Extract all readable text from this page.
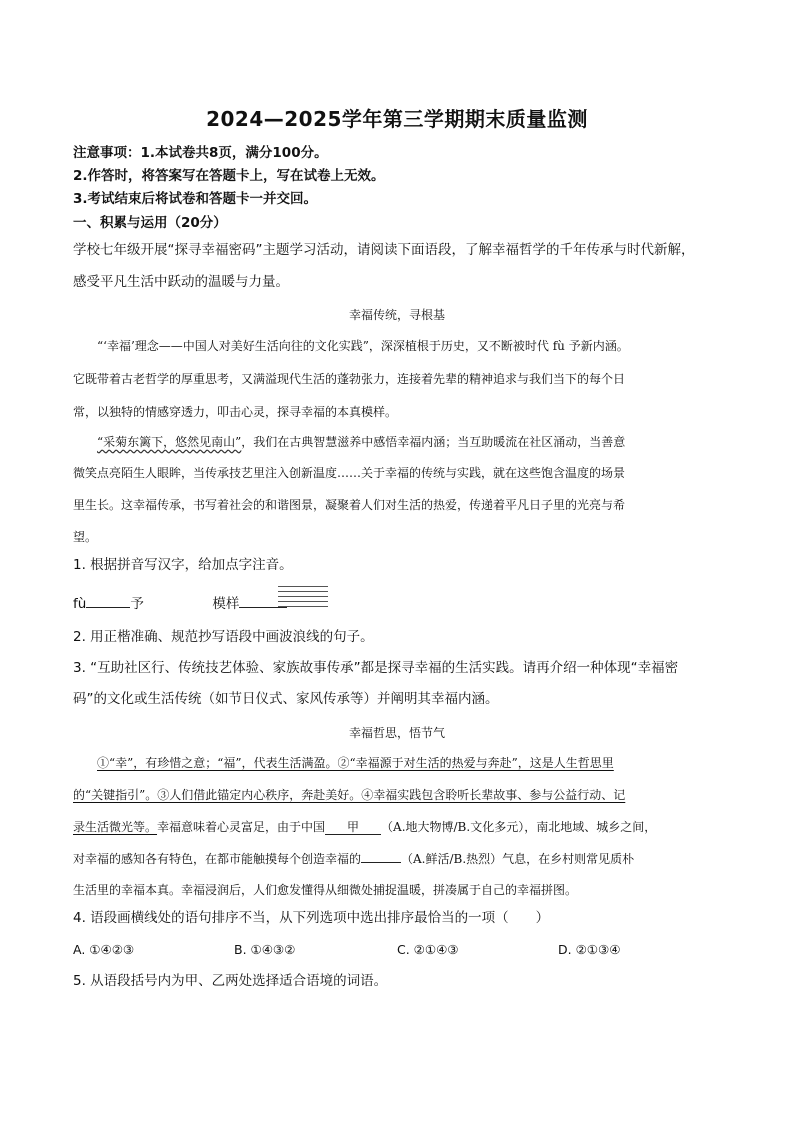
2024—2025学年第三学期期末质量监测
注意事项：1.本试卷共8页，满分100分。
2.作答时，将答案写在答题卡上，写在试卷上无效。
3.考试结束后将试卷和答题卡一并交回。
一、积累与运用（20分）
学校七年级开展“探寻幸福密码”主题学习活动，请阅读下面语段，了解幸福哲学的千年传承与时代新解，
感受平凡生活中跃动的温暖与力量。
幸福传统，寻根基
“‘幸福’理念——中国人对美好生活向往的文化实践”，深深植根于历史，又不断被时代 fù 予新内涵。
它既带着古老哲学的厚重思考，又满溢现代生活的蓬勃张力，连接着先辈的精神追求与我们当下的每个日
常，以独特的情感穿透力，叩击心灵，探寻幸福的本真模样。
“采菊东篱下，悠然见南山”，我们在古典智慧滋养中感悟幸福内涵；当互助暖流在社区涌动，当善意
微笑点亮陌生人眼眸，当传承技艺里注入创新温度……关于幸福的传统与实践，就在这些饱含温度的场景
里生长。这幸福传承，书写着社会的和谐图景，凝聚着人们对生活的热爱，传递着平凡日子里的光亮与希
望。
1. 根据拼音写汉字，给加点字注音。
fù	予	模样
2. 用正楷准确、规范抄写语段中画波浪线的句子。
3. “互助社区行、传统技艺体验、家族故事传承”都是探寻幸福的生活实践。请再介绍一种体现“幸福密
码”的文化或生活传统（如节日仪式、家风传承等）并阐明其幸福内涵。
幸福哲思，悟节气
①“幸”，有珍惜之意；“福”，代表生活满盈。②“幸福源于对生活的热爱与奔赴”，这是人生哲思里
的“关键指引”。③人们借此锚定内心秩序，奔赴美好。④幸福实践包含聆听长辈故事、参与公益行动、记
录生活微光等。幸福意味着心灵富足，由于中国 甲 （A.地大物博/B.文化多元），南北地域、城乡之间，
对幸福的感知各有特色，在都市能触摸每个创造幸福的	（A.鲜活/B.热烈）气息，在乡村则常见质朴
生活里的幸福本真。幸福浸润后，人们愈发懂得从细微处捕捉温暖，拼凑属于自己的幸福拼图。
4. 语段画横线处的语句排序不当，从下列选项中选出排序最恰当的一项（　　）
A. ①④②③	B. ①④③②	C. ②①④③	D. ②①③④
5. 从语段括号内为甲、乙两处选择适合语境的词语。
